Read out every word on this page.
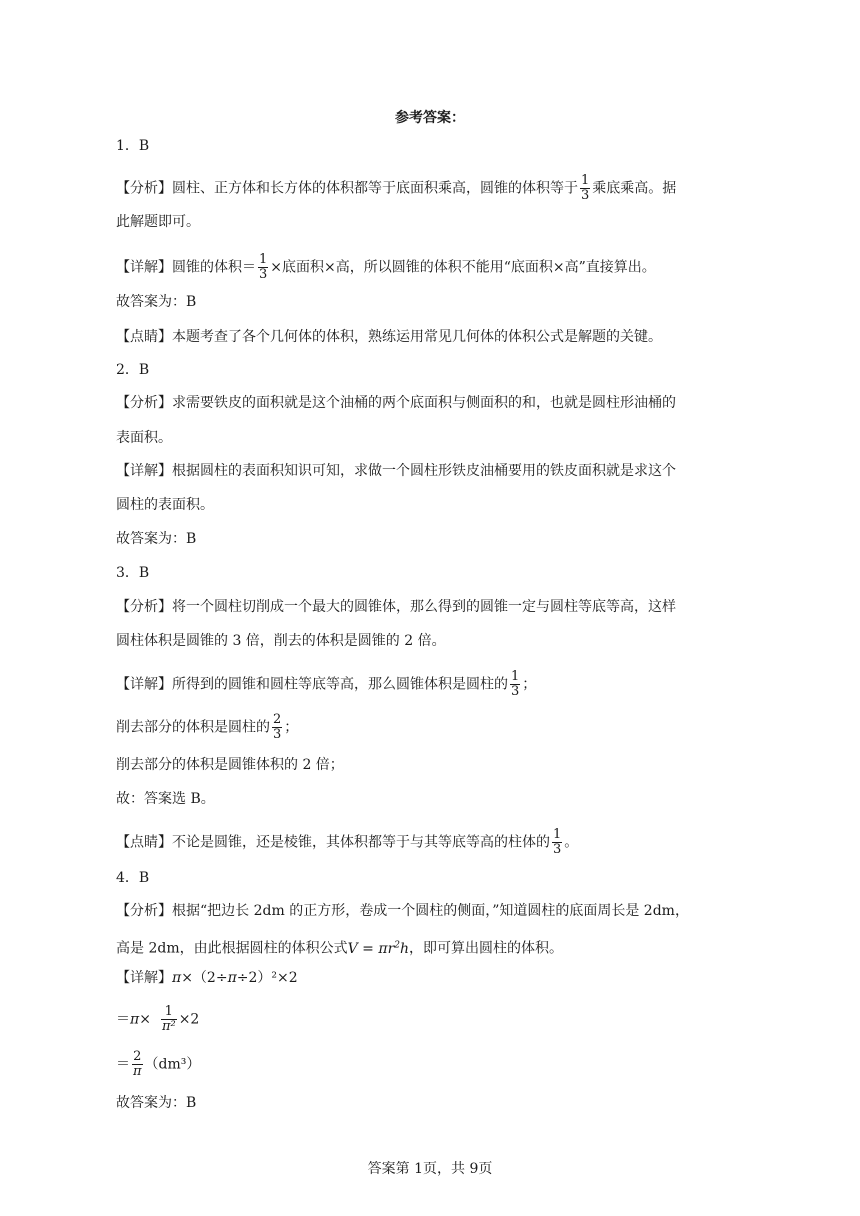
参考答案：
1．B
【分析】圆柱、正方体和长方体的体积都等于底面积乘高，圆锥的体积等于 $\frac{1}{3}$ 乘底乘高。据
此解题即可。
【详解】圆锥的体积＝ $\frac{1}{3}$ ×底面积×高，所以圆锥的体积不能用“底面积×高”直接算出。
故答案为：B
【点睛】本题考查了各个几何体的体积，熟练运用常见几何体的体积公式是解题的关键。
2．B
【分析】求需要铁皮的面积就是这个油桶的两个底面积与侧面积的和，也就是圆柱形油桶的
表面积。
【详解】根据圆柱的表面积知识可知，求做一个圆柱形铁皮油桶要用的铁皮面积就是求这个
圆柱的表面积。
故答案为：B
3．B
【分析】将一个圆柱切削成一个最大的圆锥体，那么得到的圆锥一定与圆柱等底等高，这样
圆柱体积是圆锥的 3 倍，削去的体积是圆锥的 2 倍。
【详解】所得到的圆锥和圆柱等底等高，那么圆锥体积是圆柱的 $\frac{1}{3}$ ；
削去部分的体积是圆柱的 $\frac{2}{3}$ ；
削去部分的体积是圆锥体积的 2 倍；
故：答案选 B。
【点睛】不论是圆锥，还是棱锥，其体积都等于与其等底等高的柱体的 $\frac{1}{3}$ 。
4．B
【分析】根据“把边长 2dm 的正方形，卷成一个圆柱的侧面，”知道圆柱的底面周长是 2dm，
高是 2dm，由此根据圆柱的体积公式$V = \pi r^2h$，即可算出圆柱的体积。
【详解】π×（2÷π÷2）²×2
$=\pi\times \frac{1}{\text{π²}} \times 2$
＝ $\frac{2}{\pi} (dm^3)$
故答案为：B
答案第 1页，共 9页
